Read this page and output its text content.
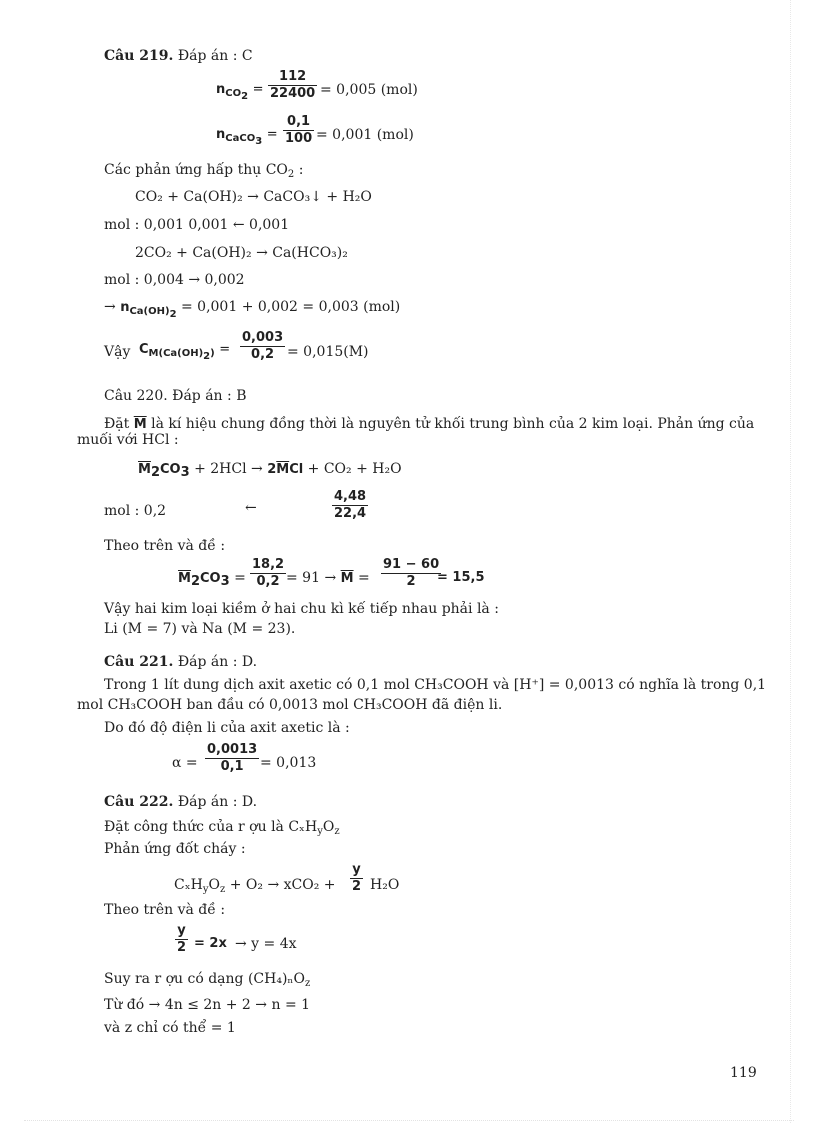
Câu 219. Đáp án : C
$n_{CO_2} = \frac{112}{22400} = 0,005$ (mol)
$n_{CaCO_3} = \frac{0,1}{100} = 0,001$ (mol)
Các phản ứng hấp thụ $CO_2$ :
CO₂ + Ca(OH)₂ → CaCO₃↓ + H₂O
mol : 0,001 0,001 ← 0,001
2CO₂ + Ca(OH)₂ → Ca(HCO₃)₂
mol : 0,004 → 0,002
→ $n_{Ca(OH)_2} = 0,001 + 0,002 = 0,003$ (mol)
Vậy $C_{M(Ca(OH)_2)} = \frac{0,003}{0,2} = 0,015(M)$
Câu 220. Đáp án : B
Đặt $\overline{M}$ là kí hiệu chung đồng thời là nguyên tử khối trung bình của 2 kim loại. Phản ứng của
muối với HCl :
$\overline{M}_2CO_3 + 2HCl \to 2\overline{M}Cl + CO_2 + H_2O$
mol : 0,2	←	$\frac{4,48}{22,4}$
Theo trên và đề :
$\overline{M}_2CO_3 = \frac{18,2}{0,2} = 91 \to \overline{M} = \frac{91 - 60}{2}$
= 15,5
Vậy hai kim loại kiềm ở hai chu kì kế tiếp nhau phải là :
Li (M = 7) và Na (M = 23).
Câu 221. Đáp án : D.
Trong 1 lít dung dịch axit axetic có 0,1 mol CH₃COOH và [H⁺] = 0,0013 có nghĩa là trong 0,1
mol CH₃COOH ban đầu có 0,0013 mol CH₃COOH đã điện li.
Do đó độ điện li của axit axetic là :
$\alpha = \frac{0,0013}{0,1} = 0,013$
Câu 222. Đáp án : D.
Đặt công thức của r ợu là $C_xH_yO_z$
Phản ứng đốt cháy :
$C_xH_yO_z + O_2 \to xCO_2 + \frac{y}{2} H_2O$
Theo trên và đề :
$\frac{y}{2} = 2x \to y = 4x$
Suy ra r ợu có dạng (CH₄)ₙO$_z$
Từ đó → 4n ≤ 2n + 2 → n = 1
và z chỉ có thể = 1
119
